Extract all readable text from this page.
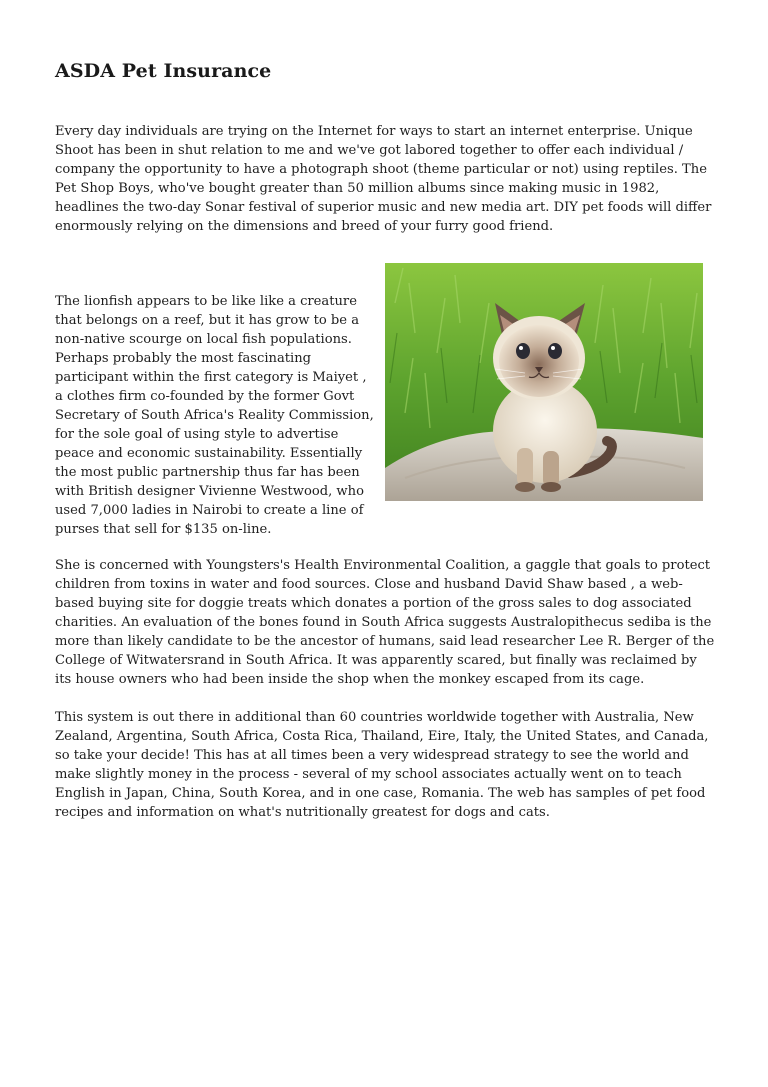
ASDA Pet Insurance

Every day individuals are trying on the Internet for ways to start an internet enterprise. Unique Shoot has been in shut relation to me and we've got labored together to offer each individual / company the opportunity to have a photograph shoot (theme particular or not) using reptiles. The Pet Shop Boys, who've bought greater than 50 million albums since making music in 1982, headlines the two-day Sonar festival of superior music and new media art. DIY pet foods will differ enormously relying on the dimensions and breed of your furry good friend.

The lionfish appears to be like like a creature that belongs on a reef, but it has grow to be a non-native scourge on local fish populations. Perhaps probably the most fascinating participant within the first category is Maiyet , a clothes firm co-founded by the former Govt Secretary of South Africa's Reality Commission, for the sole goal of using style to advertise peace and economic sustainability. Essentially the most public partnership thus far has been with British designer Vivienne Westwood, who used 7,000 ladies in Nairobi to create a line of purses that sell for $135 on-line.

She is concerned with Youngsters's Health Environmental Coalition, a gaggle that goals to protect children from toxins in water and food sources. Close and husband David Shaw based , a web-based buying site for doggie treats which donates a portion of the gross sales to dog associated charities. An evaluation of the bones found in South Africa suggests Australopithecus sediba is the more than likely candidate to be the ancestor of humans, said lead researcher Lee R. Berger of the College of Witwatersrand in South Africa. It was apparently scared, but finally was reclaimed by its house owners who had been inside the shop when the monkey escaped from its cage.

This system is out there in additional than 60 countries worldwide together with Australia, New Zealand, Argentina, South Africa, Costa Rica, Thailand, Eire, Italy, the United States, and Canada, so take your decide! This has at all times been a very widespread strategy to see the world and make slightly money in the process - several of my school associates actually went on to teach English in Japan, China, South Korea, and in one case, Romania. The web has samples of pet food recipes and information on what's nutritionally greatest for dogs and cats.
